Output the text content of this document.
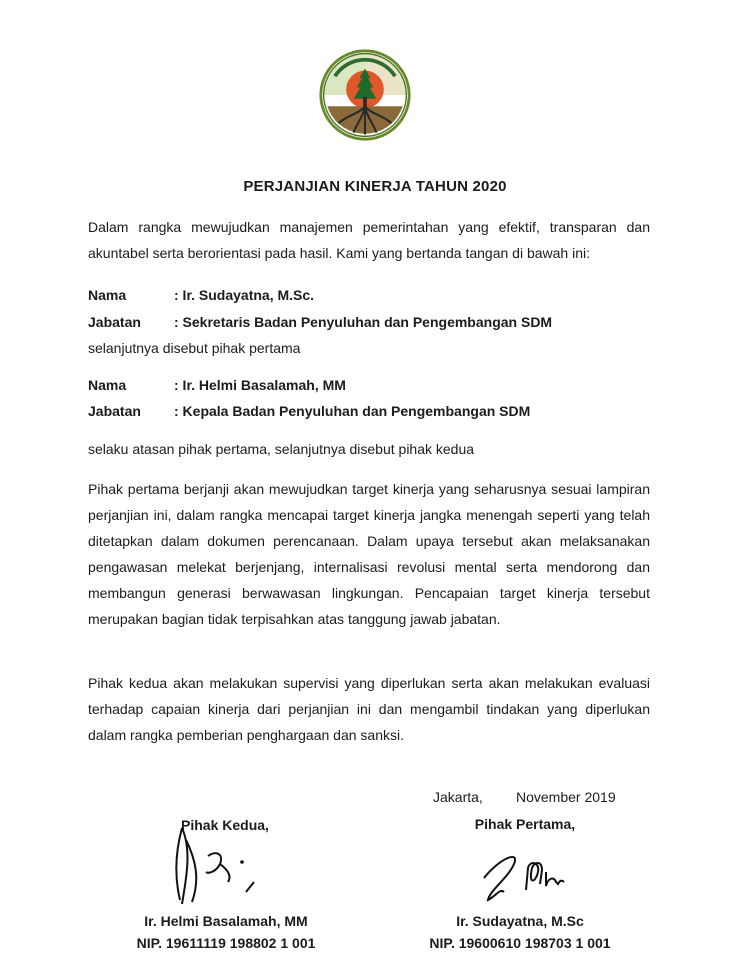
PERJANJIAN KINERJA TAHUN 2020
Dalam rangka mewujudkan manajemen pemerintahan yang efektif, transparan dan akuntabel serta berorientasi pada hasil. Kami yang bertanda tangan di bawah ini:
Nama	: Ir. Sudayatna, M.Sc.
Jabatan : Sekretaris Badan Penyuluhan dan Pengembangan SDM
selanjutnya disebut pihak pertama
Nama	: Ir. Helmi Basalamah, MM
Jabatan : Kepala Badan Penyuluhan dan Pengembangan SDM
selaku atasan pihak pertama, selanjutnya disebut pihak kedua
Pihak pertama berjanji akan mewujudkan target kinerja yang seharusnya sesuai lampiran perjanjian ini, dalam rangka mencapai target kinerja jangka menengah seperti yang telah ditetapkan dalam dokumen perencanaan. Dalam upaya tersebut akan melaksanakan pengawasan melekat berjenjang, internalisasi revolusi mental serta mendorong dan membangun generasi berwawasan lingkungan. Pencapaian target kinerja tersebut merupakan bagian tidak terpisahkan atas tanggung jawab jabatan.
Pihak kedua akan melakukan supervisi yang diperlukan serta akan melakukan evaluasi terhadap capaian kinerja dari perjanjian ini dan mengambil tindakan yang diperlukan dalam rangka pemberian penghargaan dan sanksi.
Jakarta, November 2019
Pihak Kedua,
Ir. Helmi Basalamah, MM
NIP. 19611119 198802 1 001
Pihak Pertama,
Ir. Sudayatna, M.Sc
NIP. 19600610 198703 1 001
